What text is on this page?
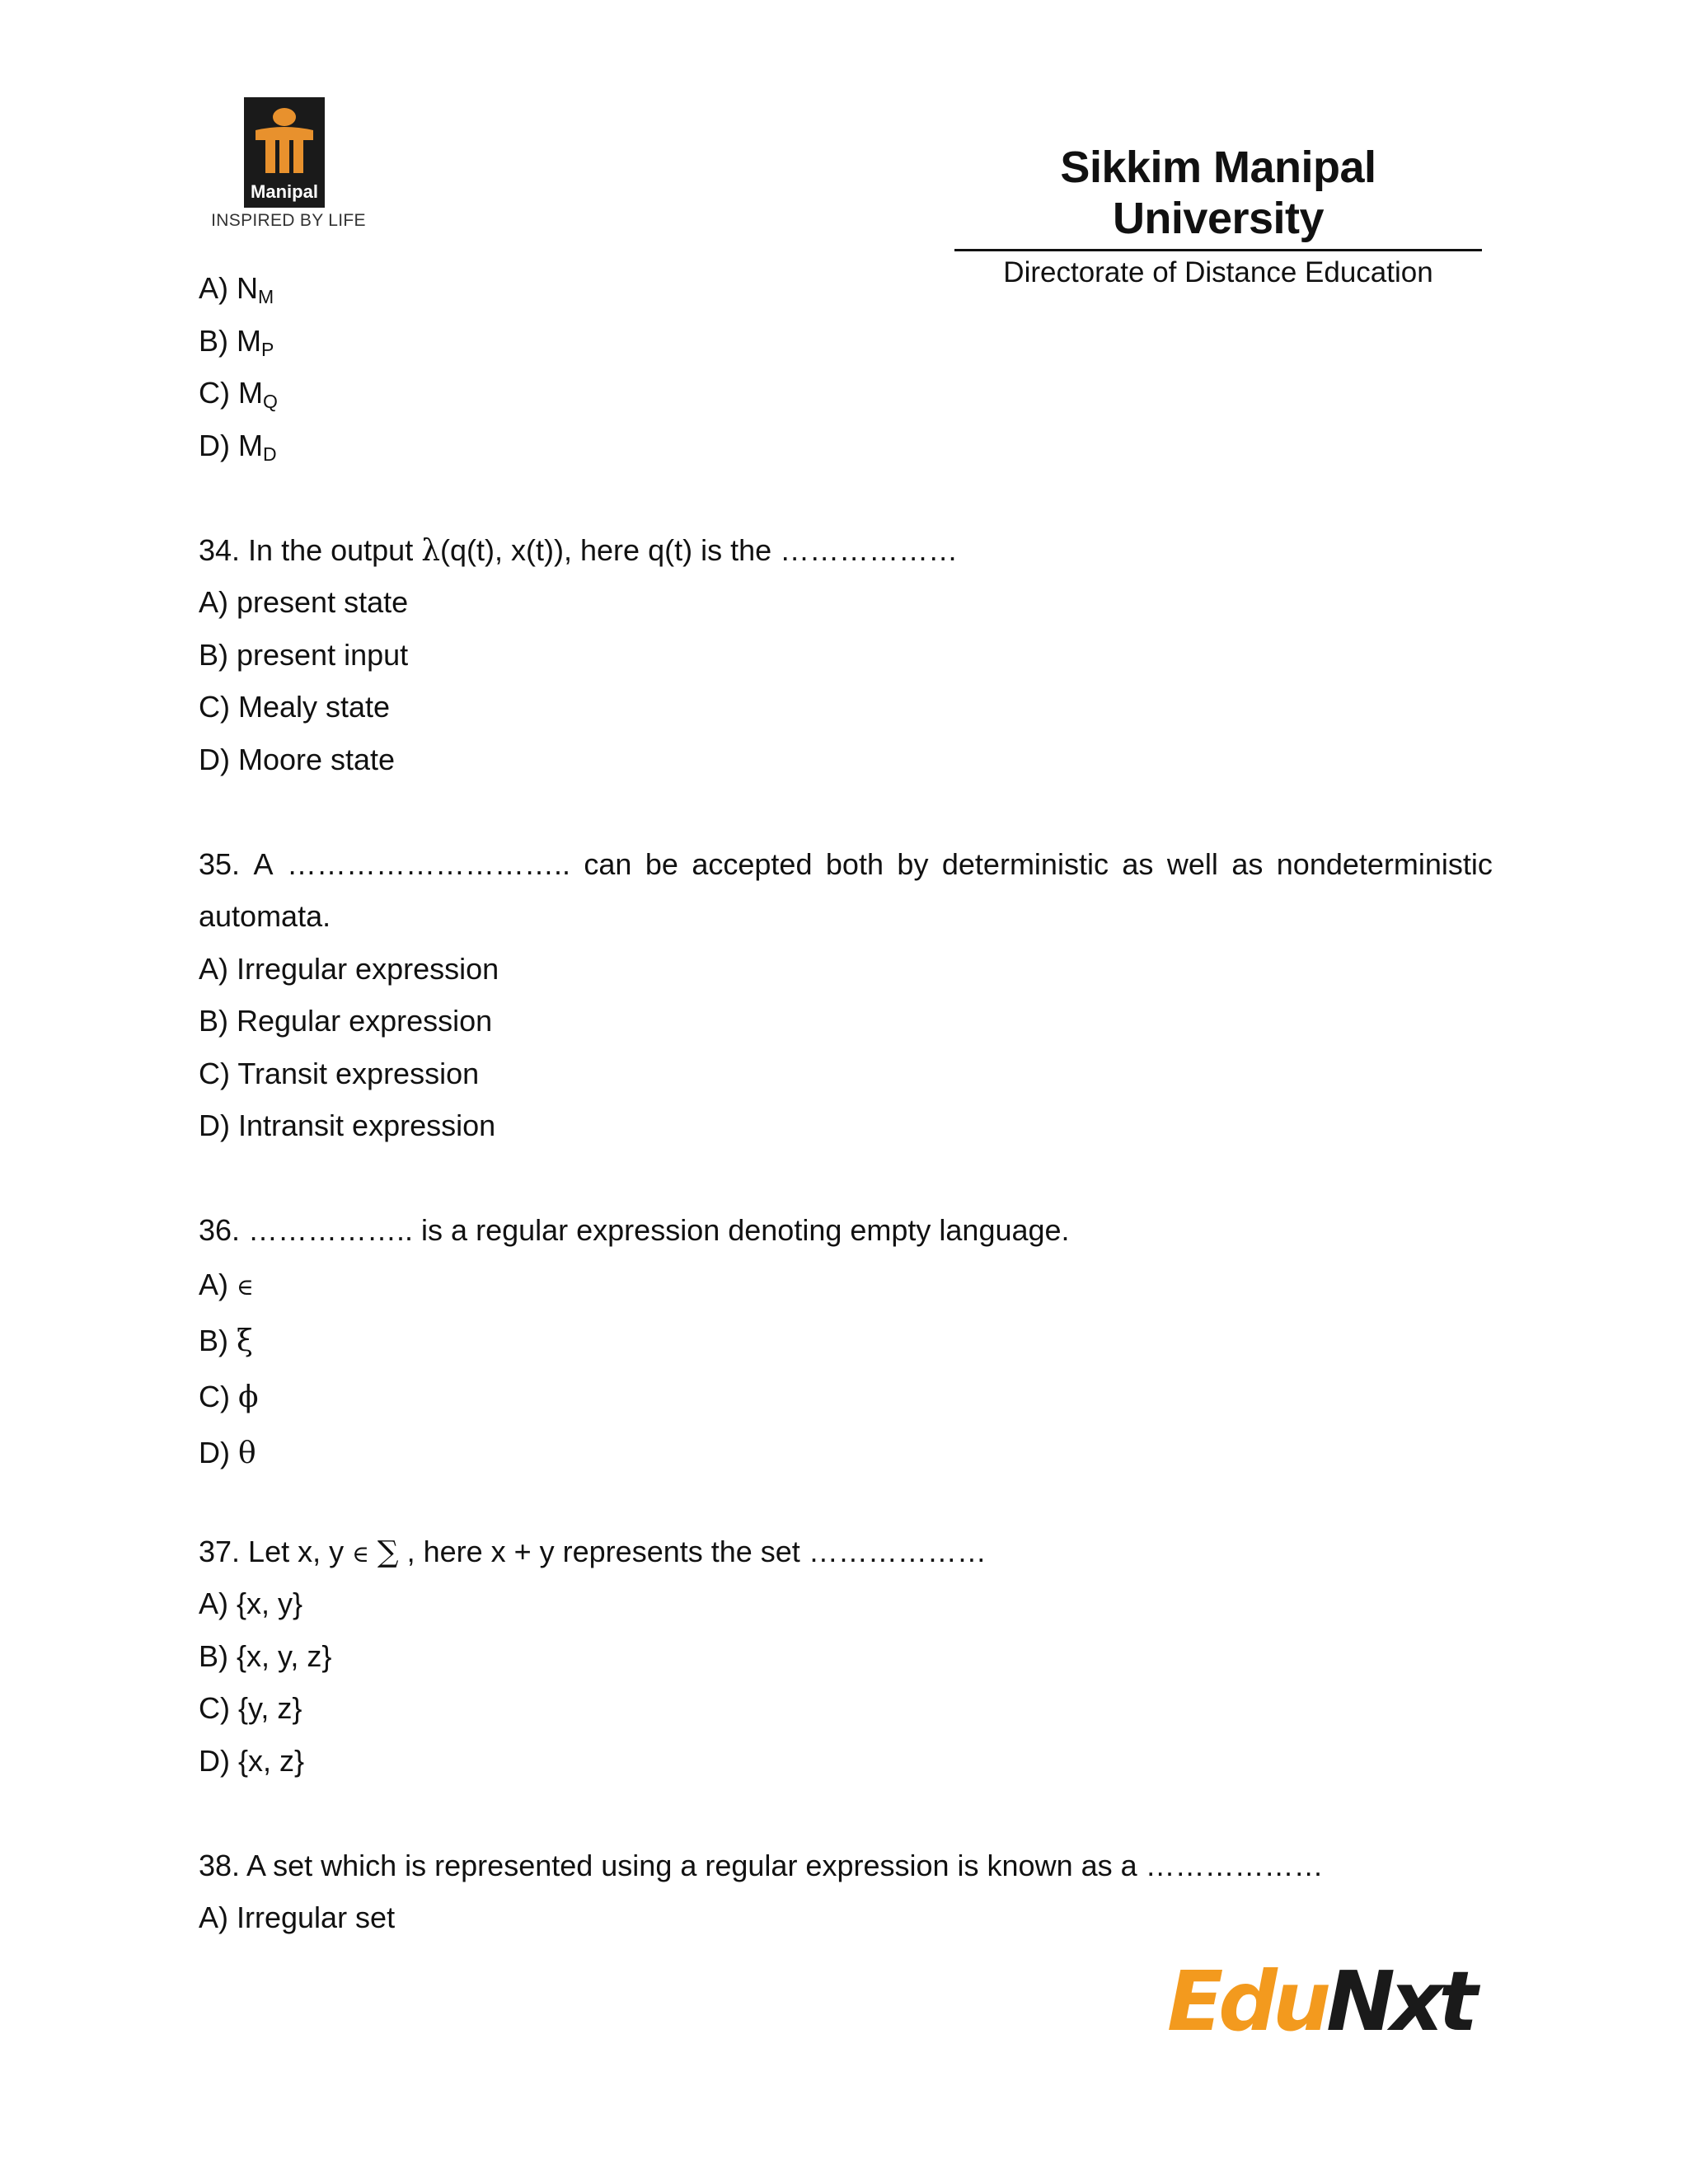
Manipal
INSPIRED BY LIFE
Sikkim Manipal University
Directorate of Distance Education
A) $N_M$
B) $M_P$
C) $M_Q$
D) $M_D$
34. In the output λ(q(t), x(t)), here q(t) is the ………………
A) present state
B) present input
C) Mealy state
D) Moore state
35. A ……………………….. can be accepted both by deterministic as well as nondeterministic
automata.
A) Irregular expression
B) Regular expression
C) Transit expression
D) Intransit expression
36. …………….. is a regular expression denoting empty language.
A) ∈
B) ξ
C) ϕ
D) θ
37. Let x, y ∈ ∑ , here x + y represents the set ………………
A) {x, y}
B) {x, y, z}
C) {y, z}
D) {x, z}
38. A set which is represented using a regular expression is known as a ………………
A) Irregular set
EduNxt
